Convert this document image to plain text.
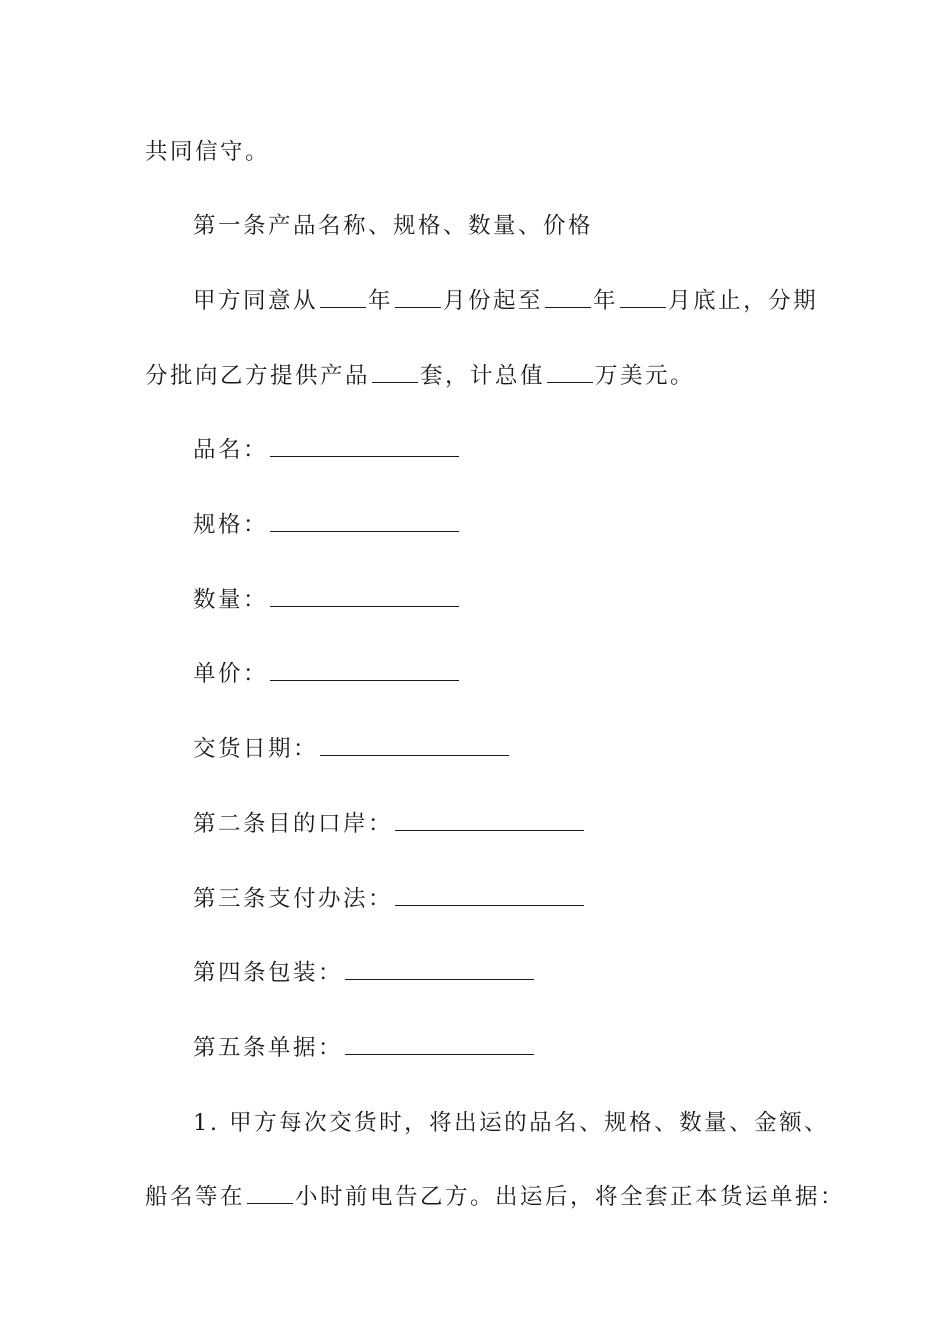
共同信守。
第一条产品名称、规格、数量、价格
甲方同意从 年 月份起至 年 月底止，分期
分批向乙方提供产品 套，计总值 万美元。
品名：
规格：
数量：
单价：
交货日期：
第二条目的口岸：
第三条支付办法：
第四条包装：
第五条单据：
1. 甲方每次交货时，将出运的品名、规格、数量、金额、
船名等在 小时前电告乙方。出运后，将全套正本货运单据：
